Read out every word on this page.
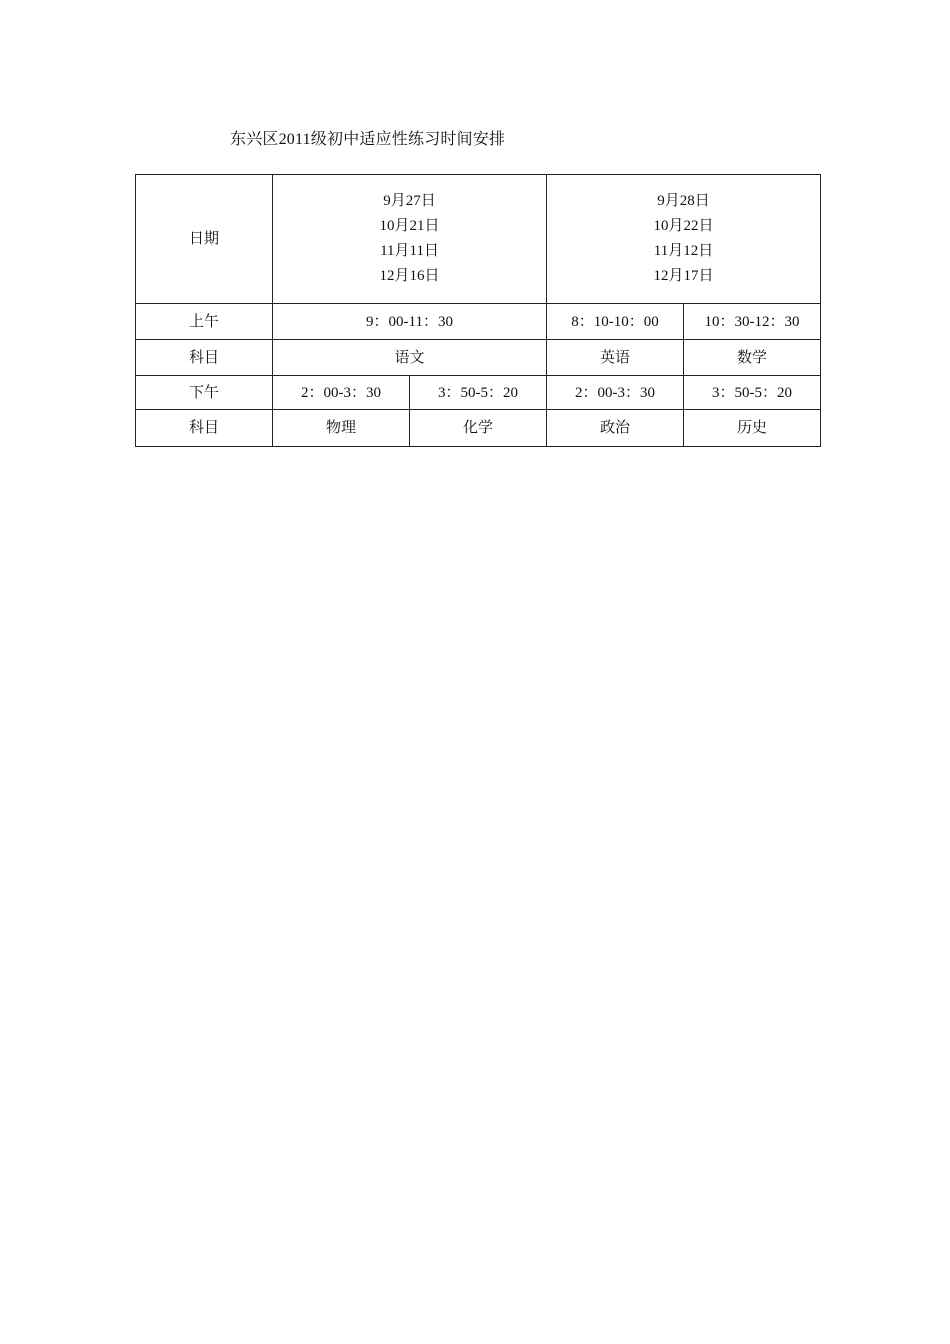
东兴区2011级初中适应性练习时间安排
日期	9月27日
10月21日
11月11日
12月16日		9月28日
10月22日
11月12日
12月17日	

上午	9：00-11：30		8：10-10：00	10：30-12：30
科目	语文		英语	数学
下午	2：00-3：30	3：50-5：20	2：00-3：30	3：50-5：20
科目	物理	化学	政治	历史
